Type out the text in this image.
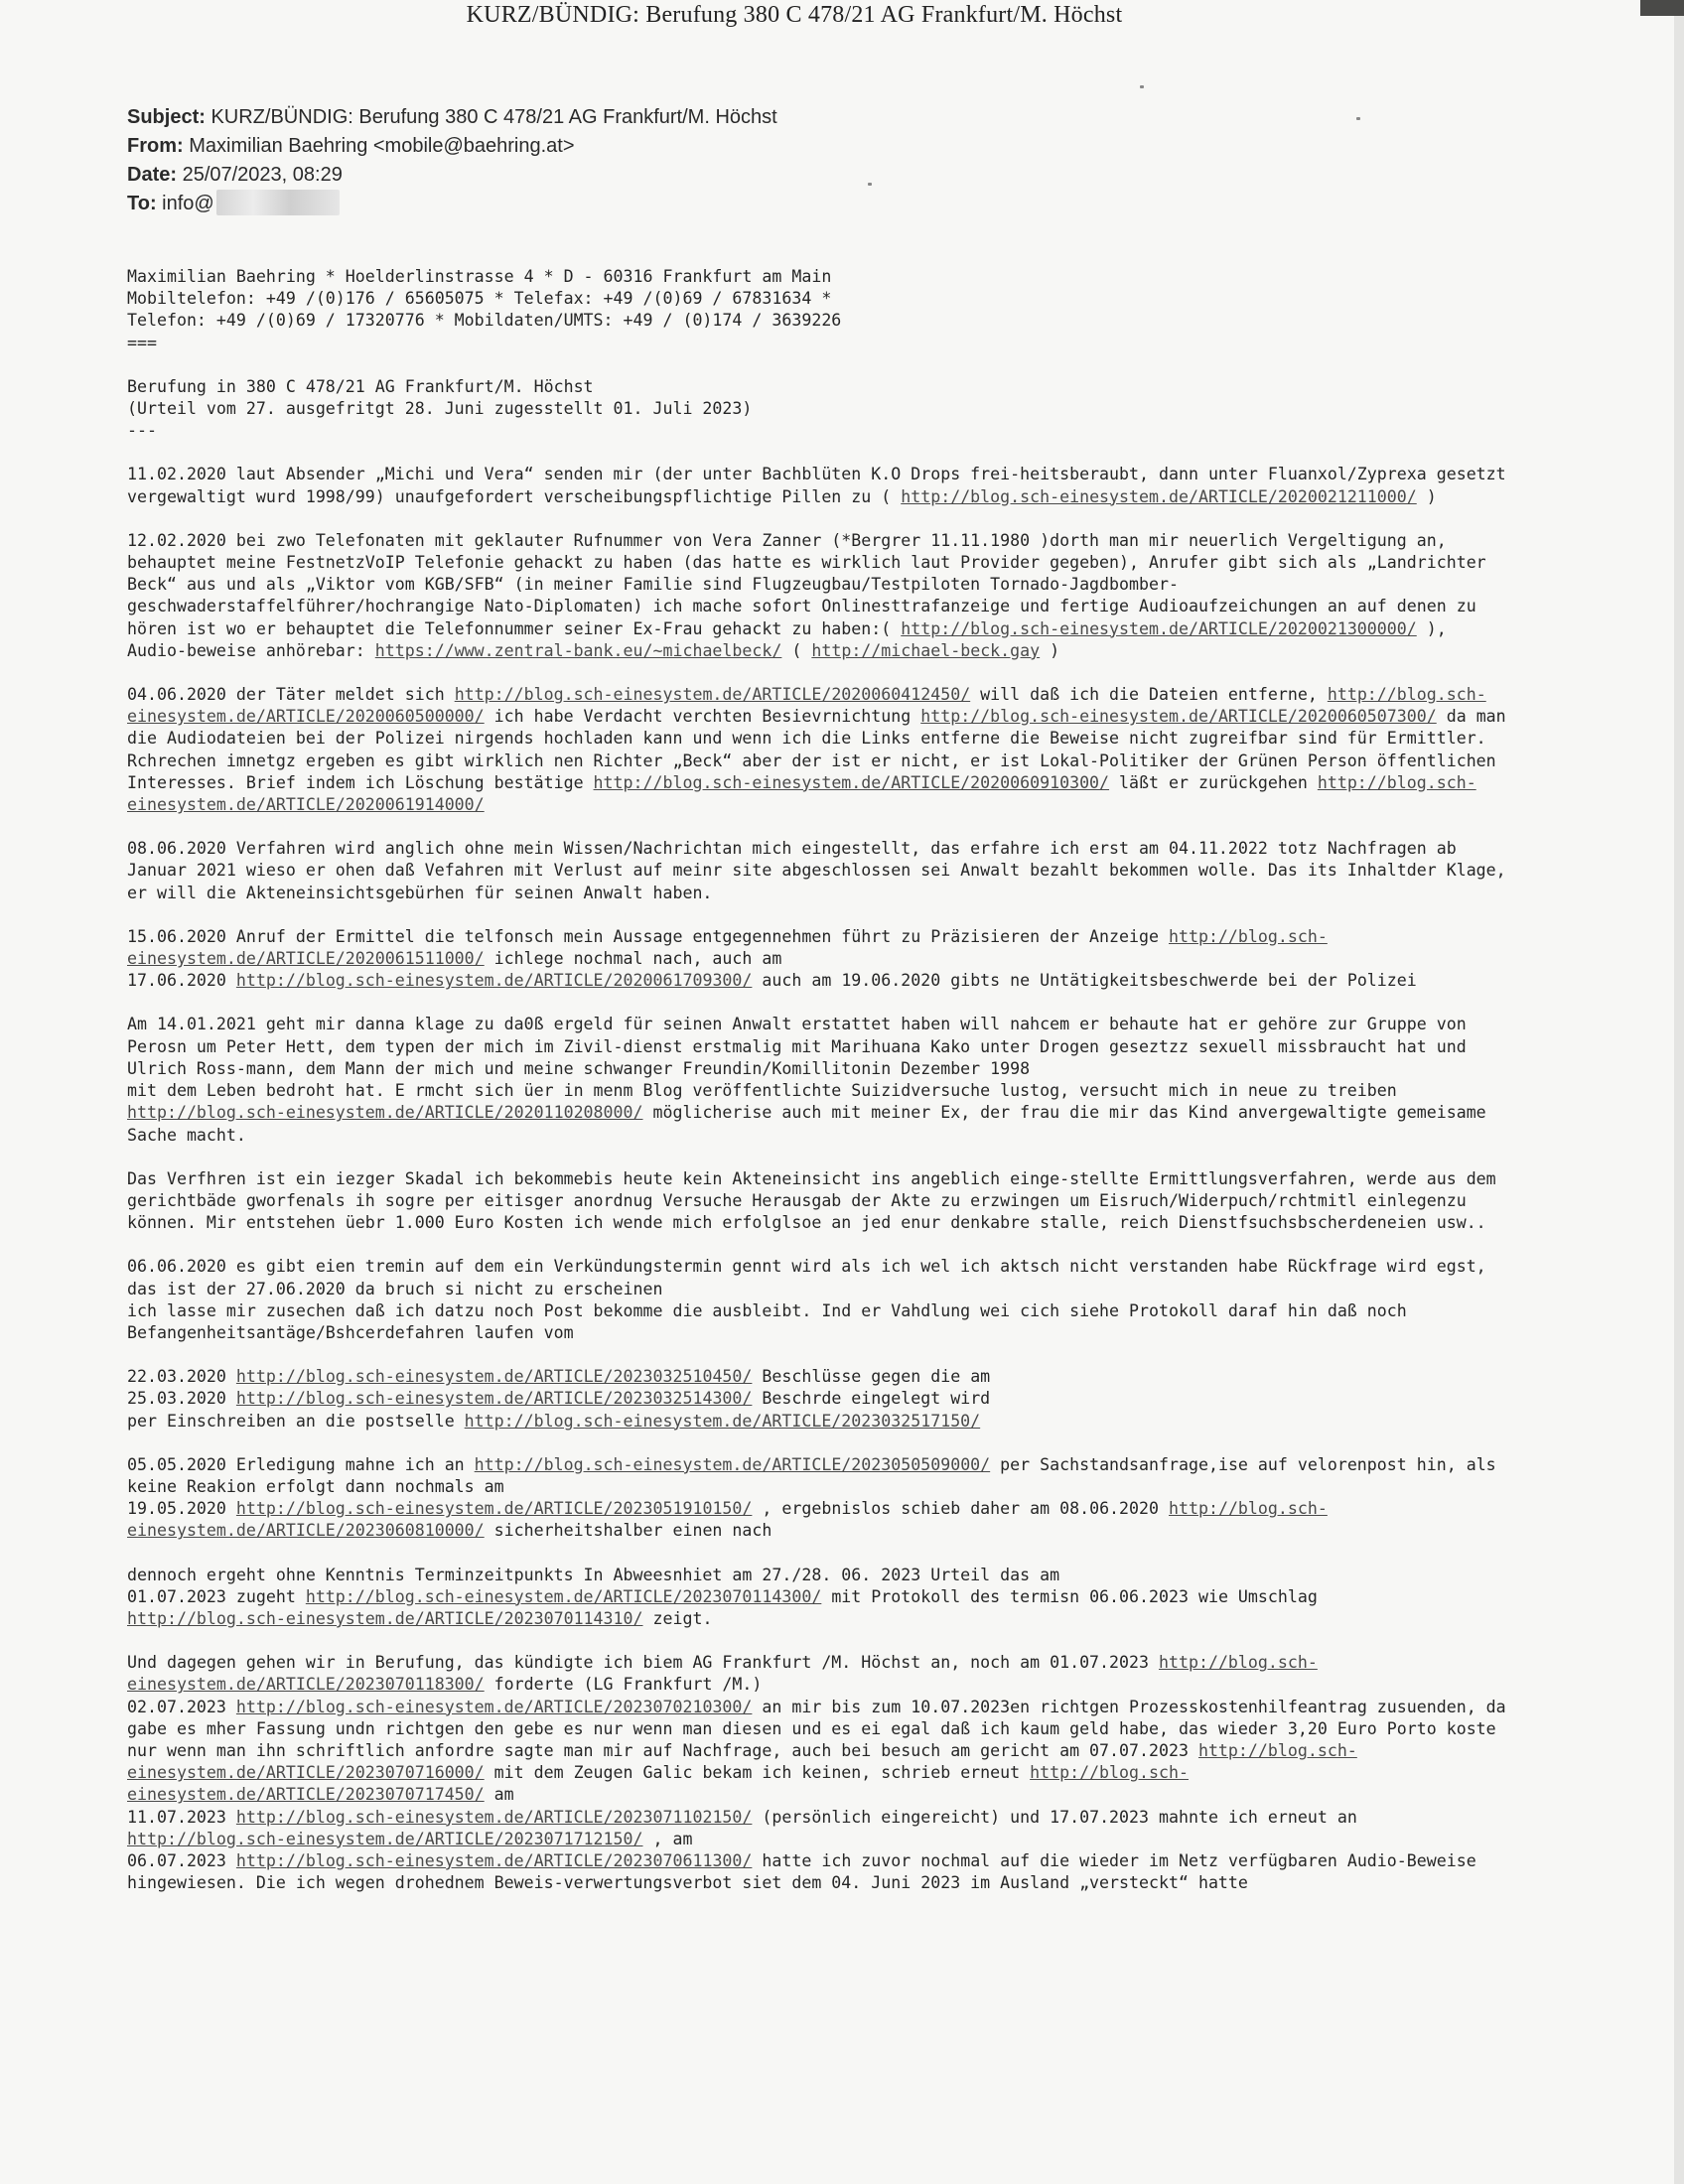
KURZ/BÜNDIG: Berufung 380 C 478/21 AG Frankfurt/M. Höchst
Subject: KURZ/BÜNDIG: Berufung 380 C 478/21 AG Frankfurt/M. Höchst
From: Maximilian Baehring <mobile@baehring.at>
Date: 25/07/2023, 08:29
To: info@

Maximilian Baehring * Hoelderlinstrasse 4 * D - 60316 Frankfurt am Main
Mobiltelefon: +49 /(0)176 / 65605075 * Telefax: +49 /(0)69 / 67831634 *
Telefon: +49 /(0)69 / 17320776 * Mobildaten/UMTS: +49 / (0)174 / 3639226
===

Berufung in 380 C 478/21 AG Frankfurt/M. Höchst
(Urteil vom 27. ausgefritgt 28. Juni zugesstellt 01. Juli 2023)
---

11.02.2020 laut Absender „Michi und Vera“ senden mir (der unter Bachblüten K.O Drops frei-heitsberaubt, dann unter Fluanxol/Zyprexa gesetzt vergewaltigt wurd 1998/99) unaufgefordert verscheibungspflichtige Pillen zu ( http://blog.sch-einesystem.de/ARTICLE/2020021211000/ )

12.02.2020 bei zwo Telefonaten mit geklauter Rufnummer von Vera Zanner (*Bergrer 11.11.1980 )dorth man mir neuerlich Vergeltigung an, behauptet meine FestnetzVoIP Telefonie gehackt zu haben (das hatte es wirklich laut Provider gegeben), Anrufer gibt sich als „Landrichter Beck“ aus und als „Viktor vom KGB/SFB“ (in meiner Familie sind Flugzeugbau/Testpiloten Tornado-Jagdbomber-geschwaderstaffelführer/hochrangige Nato-Diplomaten) ich mache sofort Onlinesttrafanzeige und fertige Audioaufzeichungen an auf denen zu hören ist wo er behauptet die Telefonnummer seiner Ex-Frau gehackt zu haben:( http://blog.sch-einesystem.de/ARTICLE/2020021300000/ ), Audio-beweise anhörebar: https://www.zentral-bank.eu/~michaelbeck/ ( http://michael-beck.gay )

04.06.2020 der Täter meldet sich http://blog.sch-einesystem.de/ARTICLE/2020060412450/ will daß ich die Dateien entferne, http://blog.sch-einesystem.de/ARTICLE/2020060500000/ ich habe Verdacht verchten Besievrnichtung http://blog.sch-einesystem.de/ARTICLE/2020060507300/ da man die Audiodateien bei der Polizei nirgends hochladen kann und wenn ich die Links entferne die Beweise nicht zugreifbar sind für Ermittler. Rchrechen imnetgz ergeben es gibt wirklich nen Richter „Beck“ aber der ist er nicht, er ist Lokal-Politiker der Grünen Person öffentlichen Interesses. Brief indem ich Löschung bestätige http://blog.sch-einesystem.de/ARTICLE/2020060910300/ läßt er zurückgehen http://blog.sch-einesystem.de/ARTICLE/2020061914000/

08.06.2020 Verfahren wird anglich ohne mein Wissen/Nachrichtan mich eingestellt, das erfahre ich erst am 04.11.2022 totz Nachfragen ab Januar 2021 wieso er ohen daß Vefahren mit Verlust auf meinr site abgeschlossen sei Anwalt bezahlt bekommen wolle. Das its Inhaltder Klage, er will die Akteneinsichtsgebürhen für seinen Anwalt haben.

15.06.2020 Anruf der Ermittel die telfonsch mein Aussage entgegennehmen führt zu Präzisieren der Anzeige http://blog.sch-einesystem.de/ARTICLE/2020061511000/ ichlege nochmal nach, auch am
17.06.2020 http://blog.sch-einesystem.de/ARTICLE/2020061709300/ auch am 19.06.2020 gibts ne Untätigkeitsbeschwerde bei der Polizei

Am 14.01.2021 geht mir danna klage zu da0ß ergeld für seinen Anwalt erstattet haben will nahcem er behaute hat er gehöre zur Gruppe von Perosn um Peter Hett, dem typen der mich im Zivil-dienst erstmalig mit Marihuana Kako unter Drogen geseztzz sexuell missbraucht hat und Ulrich Ross-mann, dem Mann der mich und meine schwanger Freundin/Komillitonin Dezember 1998
mit dem Leben bedroht hat. E rmcht sich üer in menm Blog veröffentlichte Suizidversuche lustog, versucht mich in neue zu treiben http://blog.sch-einesystem.de/ARTICLE/2020110208000/ möglicherise auch mit meiner Ex, der frau die mir das Kind anvergewaltigte gemeisame Sache macht.

Das Verfhren ist ein iezger Skadal ich bekommebis heute kein Akteneinsicht ins angeblich einge-stellte Ermittlungsverfahren, werde aus dem gerichtbäde gworfenals ih sogre per eitisger anordnug Versuche Herausgab der Akte zu erzwingen um Eisruch/Widerpuch/rchtmitl einlegenzu können. Mir entstehen üebr 1.000 Euro Kosten ich wende mich erfolglsoe an jed enur denkabre stalle, reich Dienstfsuchsbscherdeneien usw..

06.06.2020 es gibt eien tremin auf dem ein Verkündungstermin gennt wird als ich wel ich aktsch nicht verstanden habe Rückfrage wird egst, das ist der 27.06.2020 da bruch si nicht zu erscheinen
ich lasse mir zusechen daß ich datzu noch Post bekomme die ausbleibt. Ind er Vahdlung wei cich siehe Protokoll daraf hin daß noch Befangenheitsantäge/Bshcerdefahren laufen vom

22.03.2020 http://blog.sch-einesystem.de/ARTICLE/2023032510450/ Beschlüsse gegen die am
25.03.2020 http://blog.sch-einesystem.de/ARTICLE/2023032514300/ Beschrde eingelegt wird
per Einschreiben an die postselle http://blog.sch-einesystem.de/ARTICLE/2023032517150/

05.05.2020 Erledigung mahne ich an http://blog.sch-einesystem.de/ARTICLE/2023050509000/ per Sachstandsanfrage,ise auf velorenpost hin, als keine Reakion erfolgt dann nochmals am
19.05.2020 http://blog.sch-einesystem.de/ARTICLE/2023051910150/ , ergebnislos schieb daher am 08.06.2020 http://blog.sch-einesystem.de/ARTICLE/2023060810000/ sicherheitshalber einen nach

dennoch ergeht ohne Kenntnis Terminzeitpunkts In Abweesnhiet am 27./28. 06. 2023 Urteil das am
01.07.2023 zugeht http://blog.sch-einesystem.de/ARTICLE/2023070114300/ mit Protokoll des termisn 06.06.2023 wie Umschlag
http://blog.sch-einesystem.de/ARTICLE/2023070114310/ zeigt.

Und dagegen gehen wir in Berufung, das kündigte ich biem AG Frankfurt /M. Höchst an, noch am 01.07.2023 http://blog.sch-einesystem.de/ARTICLE/2023070118300/ forderte (LG Frankfurt /M.)
02.07.2023 http://blog.sch-einesystem.de/ARTICLE/2023070210300/ an mir bis zum 10.07.2023en richtgen Prozesskostenhilfeantrag zusuenden, da gabe es mher Fassung undn richtgen den gebe es nur wenn man diesen und es ei egal daß ich kaum geld habe, das wieder 3,20 Euro Porto koste nur wenn man ihn schriftlich anfordre sagte man mir auf Nachfrage, auch bei besuch am gericht am 07.07.2023 http://blog.sch-einesystem.de/ARTICLE/2023070716000/ mit dem Zeugen Galic bekam ich keinen, schrieb erneut http://blog.sch-einesystem.de/ARTICLE/2023070717450/ am
11.07.2023 http://blog.sch-einesystem.de/ARTICLE/2023071102150/ (persönlich eingereicht) und 17.07.2023 mahnte ich erneut an http://blog.sch-einesystem.de/ARTICLE/2023071712150/ , am
06.07.2023 http://blog.sch-einesystem.de/ARTICLE/2023070611300/ hatte ich zuvor nochmal auf die wieder im Netz verfügbaren Audio-Beweise hingewiesen. Die ich wegen drohednem Beweis-verwertungsverbot siet dem 04. Juni 2023 im Ausland „versteckt“ hatte
